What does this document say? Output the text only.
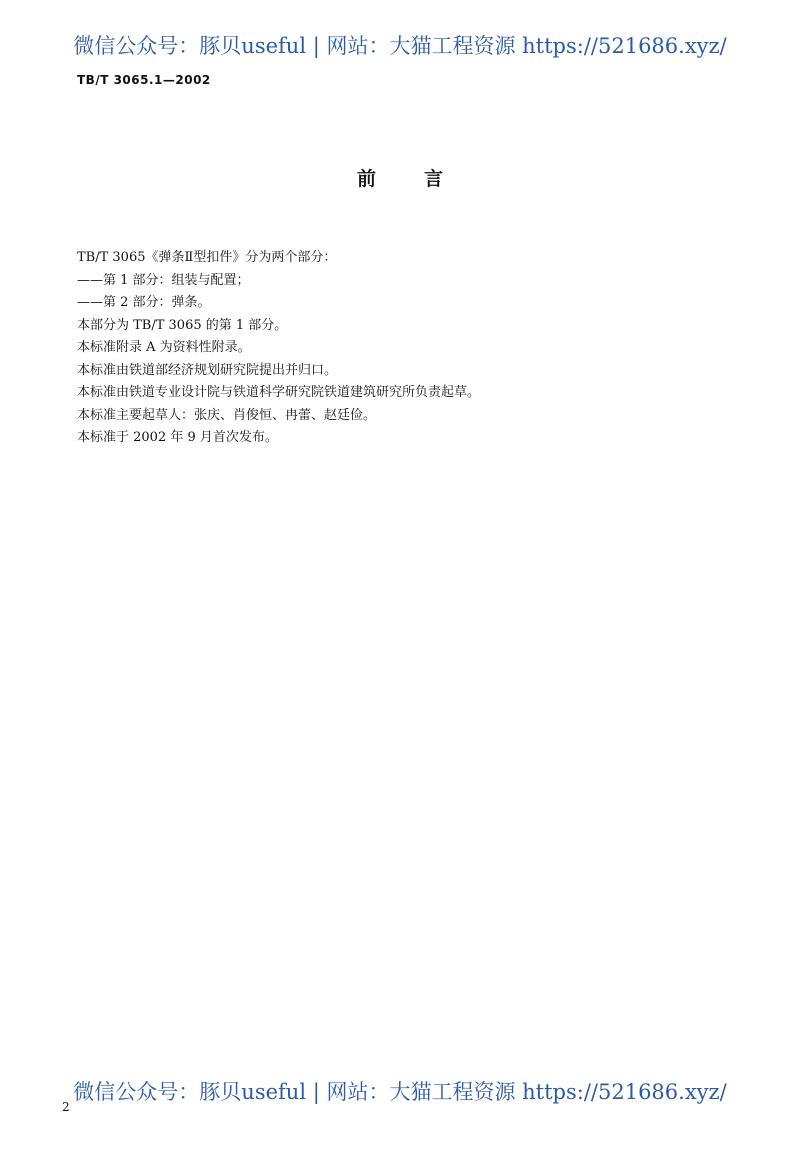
微信公众号：豚贝useful | 网站：大猫工程资源 https://521686.xyz/
TB/T 3065.1—2002
前	言
TB/T 3065《弹条Ⅱ型扣件》分为两个部分：
——第 1 部分：组装与配置；
——第 2 部分：弹条。
本部分为 TB/T 3065 的第 1 部分。
本标准附录 A 为资料性附录。
本标准由铁道部经济规划研究院提出并归口。
本标准由铁道专业设计院与铁道科学研究院铁道建筑研究所负责起草。
本标准主要起草人：张庆、肖俊恒、冉蕾、赵廷俭。
本标准于 2002 年 9 月首次发布。
微信公众号：豚贝useful | 网站：大猫工程资源 https://521686.xyz/
2
